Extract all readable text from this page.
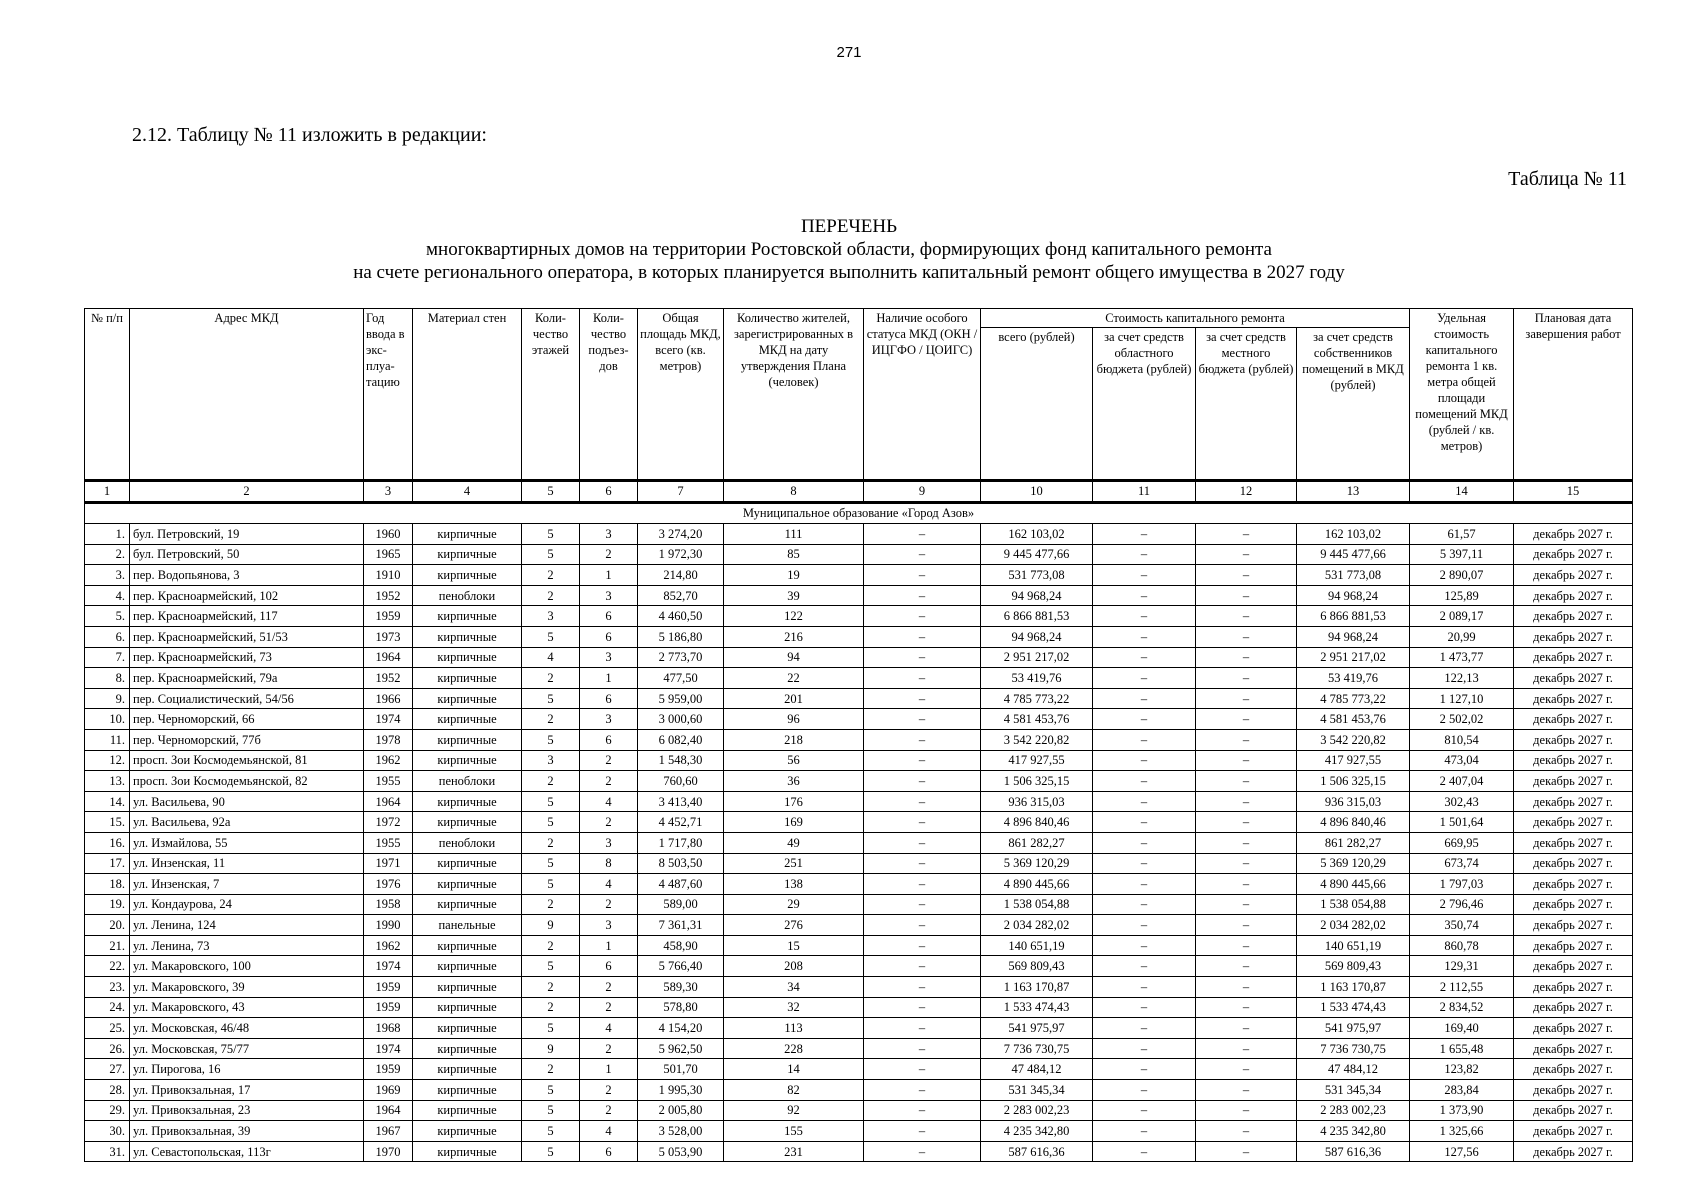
271
2.12. Таблицу № 11 изложить в редакции:
Таблица № 11
ПЕРЕЧЕНЬ
многоквартирных домов на территории Ростовской области, формирующих фонд капитального ремонта
на счете регионального оператора, в которых планируется выполнить капитальный ремонт общего имущества в 2027 году
№ п/п	Адрес МКД	Год ввода в экс-плуа-тацию	Материал стен	Коли-чество этажей	Коли-чество подъез-дов	Общая площадь МКД, всего (кв. метров)	Количество жителей, зарегистрированных в МКД на дату утверждения Плана (человек)	Наличие особого статуса МКД (ОКН / ИЦГФО / ЦОИГС)	Стоимость капитального ремонта				Удельная стоимость капитального ремонта 1 кв. метра общей площади помещений МКД (рублей / кв. метров)	Плановая дата завершения работ
									всего (рублей)	за счет средств областного бюджета (рублей)	за счет средств местного бюджета (рублей)	за счет средств собственников помещений в МКД (рублей)		
1	2	3	4	5	6	7	8	9	10	11	12	13	14	15
Муниципальное образование «Город Азов»														
1.	бул. Петровский, 19	1960	кирпичные	5	3	3 274,20	111	–	162 103,02	–	–	162 103,02	61,57	декабрь 2027 г.
2.	бул. Петровский, 50	1965	кирпичные	5	2	1 972,30	85	–	9 445 477,66	–	–	9 445 477,66	5 397,11	декабрь 2027 г.
3.	пер. Водопьянова, 3	1910	кирпичные	2	1	214,80	19	–	531 773,08	–	–	531 773,08	2 890,07	декабрь 2027 г.
4.	пер. Красноармейский, 102	1952	пеноблоки	2	3	852,70	39	–	94 968,24	–	–	94 968,24	125,89	декабрь 2027 г.
5.	пер. Красноармейский, 117	1959	кирпичные	3	6	4 460,50	122	–	6 866 881,53	–	–	6 866 881,53	2 089,17	декабрь 2027 г.
6.	пер. Красноармейский, 51/53	1973	кирпичные	5	6	5 186,80	216	–	94 968,24	–	–	94 968,24	20,99	декабрь 2027 г.
7.	пер. Красноармейский, 73	1964	кирпичные	4	3	2 773,70	94	–	2 951 217,02	–	–	2 951 217,02	1 473,77	декабрь 2027 г.
8.	пер. Красноармейский, 79а	1952	кирпичные	2	1	477,50	22	–	53 419,76	–	–	53 419,76	122,13	декабрь 2027 г.
9.	пер. Социалистический, 54/56	1966	кирпичные	5	6	5 959,00	201	–	4 785 773,22	–	–	4 785 773,22	1 127,10	декабрь 2027 г.
10.	пер. Черноморский, 66	1974	кирпичные	2	3	3 000,60	96	–	4 581 453,76	–	–	4 581 453,76	2 502,02	декабрь 2027 г.
11.	пер. Черноморский, 77б	1978	кирпичные	5	6	6 082,40	218	–	3 542 220,82	–	–	3 542 220,82	810,54	декабрь 2027 г.
12.	просп. Зои Космодемьянской, 81	1962	кирпичные	3	2	1 548,30	56	–	417 927,55	–	–	417 927,55	473,04	декабрь 2027 г.
13.	просп. Зои Космодемьянской, 82	1955	пеноблоки	2	2	760,60	36	–	1 506 325,15	–	–	1 506 325,15	2 407,04	декабрь 2027 г.
14.	ул. Васильева, 90	1964	кирпичные	5	4	3 413,40	176	–	936 315,03	–	–	936 315,03	302,43	декабрь 2027 г.
15.	ул. Васильева, 92а	1972	кирпичные	5	2	4 452,71	169	–	4 896 840,46	–	–	4 896 840,46	1 501,64	декабрь 2027 г.
16.	ул. Измайлова, 55	1955	пеноблоки	2	3	1 717,80	49	–	861 282,27	–	–	861 282,27	669,95	декабрь 2027 г.
17.	ул. Инзенская, 11	1971	кирпичные	5	8	8 503,50	251	–	5 369 120,29	–	–	5 369 120,29	673,74	декабрь 2027 г.
18.	ул. Инзенская, 7	1976	кирпичные	5	4	4 487,60	138	–	4 890 445,66	–	–	4 890 445,66	1 797,03	декабрь 2027 г.
19.	ул. Кондаурова, 24	1958	кирпичные	2	2	589,00	29	–	1 538 054,88	–	–	1 538 054,88	2 796,46	декабрь 2027 г.
20.	ул. Ленина, 124	1990	панельные	9	3	7 361,31	276	–	2 034 282,02	–	–	2 034 282,02	350,74	декабрь 2027 г.
21.	ул. Ленина, 73	1962	кирпичные	2	1	458,90	15	–	140 651,19	–	–	140 651,19	860,78	декабрь 2027 г.
22.	ул. Макаровского, 100	1974	кирпичные	5	6	5 766,40	208	–	569 809,43	–	–	569 809,43	129,31	декабрь 2027 г.
23.	ул. Макаровского, 39	1959	кирпичные	2	2	589,30	34	–	1 163 170,87	–	–	1 163 170,87	2 112,55	декабрь 2027 г.
24.	ул. Макаровского, 43	1959	кирпичные	2	2	578,80	32	–	1 533 474,43	–	–	1 533 474,43	2 834,52	декабрь 2027 г.
25.	ул. Московская, 46/48	1968	кирпичные	5	4	4 154,20	113	–	541 975,97	–	–	541 975,97	169,40	декабрь 2027 г.
26.	ул. Московская, 75/77	1974	кирпичные	9	2	5 962,50	228	–	7 736 730,75	–	–	7 736 730,75	1 655,48	декабрь 2027 г.
27.	ул. Пирогова, 16	1959	кирпичные	2	1	501,70	14	–	47 484,12	–	–	47 484,12	123,82	декабрь 2027 г.
28.	ул. Привокзальная, 17	1969	кирпичные	5	2	1 995,30	82	–	531 345,34	–	–	531 345,34	283,84	декабрь 2027 г.
29.	ул. Привокзальная, 23	1964	кирпичные	5	2	2 005,80	92	–	2 283 002,23	–	–	2 283 002,23	1 373,90	декабрь 2027 г.
30.	ул. Привокзальная, 39	1967	кирпичные	5	4	3 528,00	155	–	4 235 342,80	–	–	4 235 342,80	1 325,66	декабрь 2027 г.
31.	ул. Севастопольская, 113г	1970	кирпичные	5	6	5 053,90	231	–	587 616,36	–	–	587 616,36	127,56	декабрь 2027 г.
